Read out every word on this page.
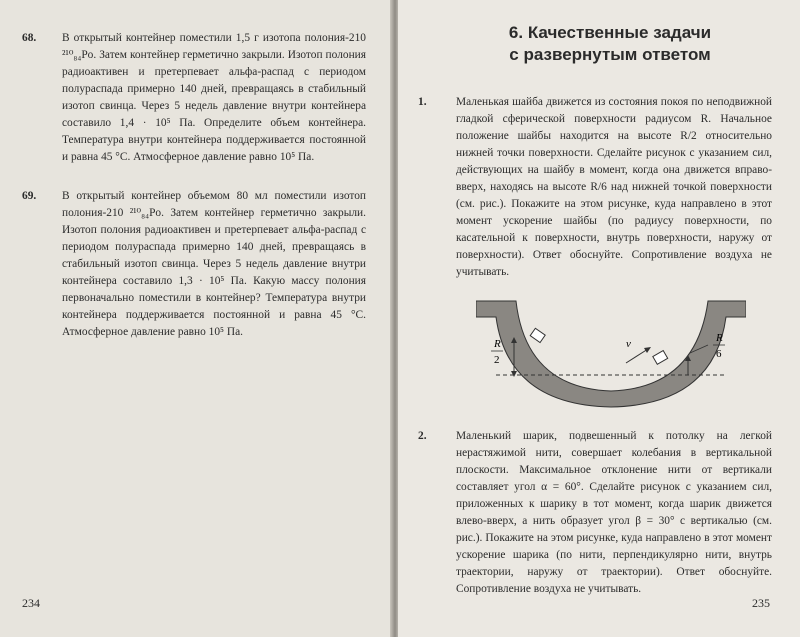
68. В открытый контейнер поместили 1,5 г изотопа полония-210 ²¹⁰₈₄Po. Затем контейнер герметично закрыли. Изотоп полония радиоактивен и претерпевает альфа-распад с периодом полураспада примерно 140 дней, превращаясь в стабильный изотоп свинца. Через 5 недель давление внутри контейнера составило 1,4 · 10⁵ Па. Определите объем контейнера. Температура внутри контейнера поддерживается постоянной и равна 45 °С. Атмосферное давление равно 10⁵ Па.
69. В открытый контейнер объемом 80 мл поместили изотоп полония-210 ²¹⁰₈₄Po. Затем контейнер герметично закрыли. Изотоп полония радиоактивен и претерпевает альфа-распад с периодом полураспада примерно 140 дней, превращаясь в стабильный изотоп свинца. Через 5 недель давление внутри контейнера составило 1,3 · 10⁵ Па. Какую массу полония первоначально поместили в контейнер? Температура внутри контейнера поддерживается постоянной и равна 45 °С. Атмосферное давление равно 10⁵ Па.
234
6. Качественные задачи
с развернутым ответом
1.	Маленькая шайба движется из состояния покоя по неподвижной гладкой сферической поверхности радиусом R. Начальное положение шайбы находится на высоте R/2 относительно нижней точки поверхности. Сделайте рисунок с указанием сил, действующих на шайбу в момент, когда она движется вправо-вверх, находясь на высоте R/6 над нижней точкой поверхности (см. рис.). Покажите на этом рисунке, куда направлено в этот момент ускорение шайбы (по радиусу поверхности, по касательной к поверхности, внутрь поверхности, наружу от поверхности). Ответ обоснуйте. Сопротивление воздуха не учитывать.
R
2
R
6
v⃗
2.	Маленький шарик, подвешенный к потолку на легкой нерастяжимой нити, совершает колебания в вертикальной плоскости. Максимальное отклонение нити от вертикали составляет угол α = 60°. Сделайте рисунок с указанием сил, приложенных к шарику в тот момент, когда шарик движется влево-вверх, а нить образует угол β = 30° с вертикалью (см. рис.). Покажите на этом рисунке, куда направлено в этот момент ускорение шарика (по нити, перпендикулярно нити, внутрь траектории, наружу от траектории). Ответ обоснуйте. Сопротивление воздуха не учитывать.
235
